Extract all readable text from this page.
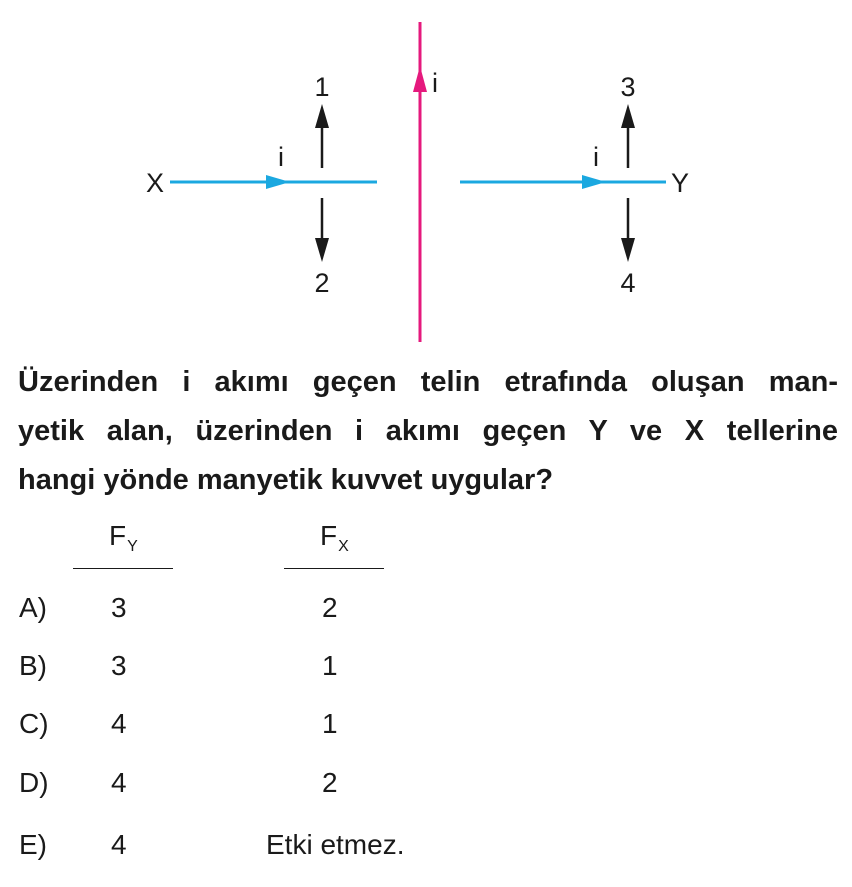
i
X
i
1
2
Y
i
3
4

Üzerinden i akımı geçen telin etrafında oluşan man-
yetik alan, üzerinden i akımı geçen Y ve X tellerine
hangi yönde manyetik kuvvet uygular?

$F_Y$	$F_X$
A) 3	2
B) 3	1
C) 4	1
D) 4	2
E) 4	Etki etmez.
